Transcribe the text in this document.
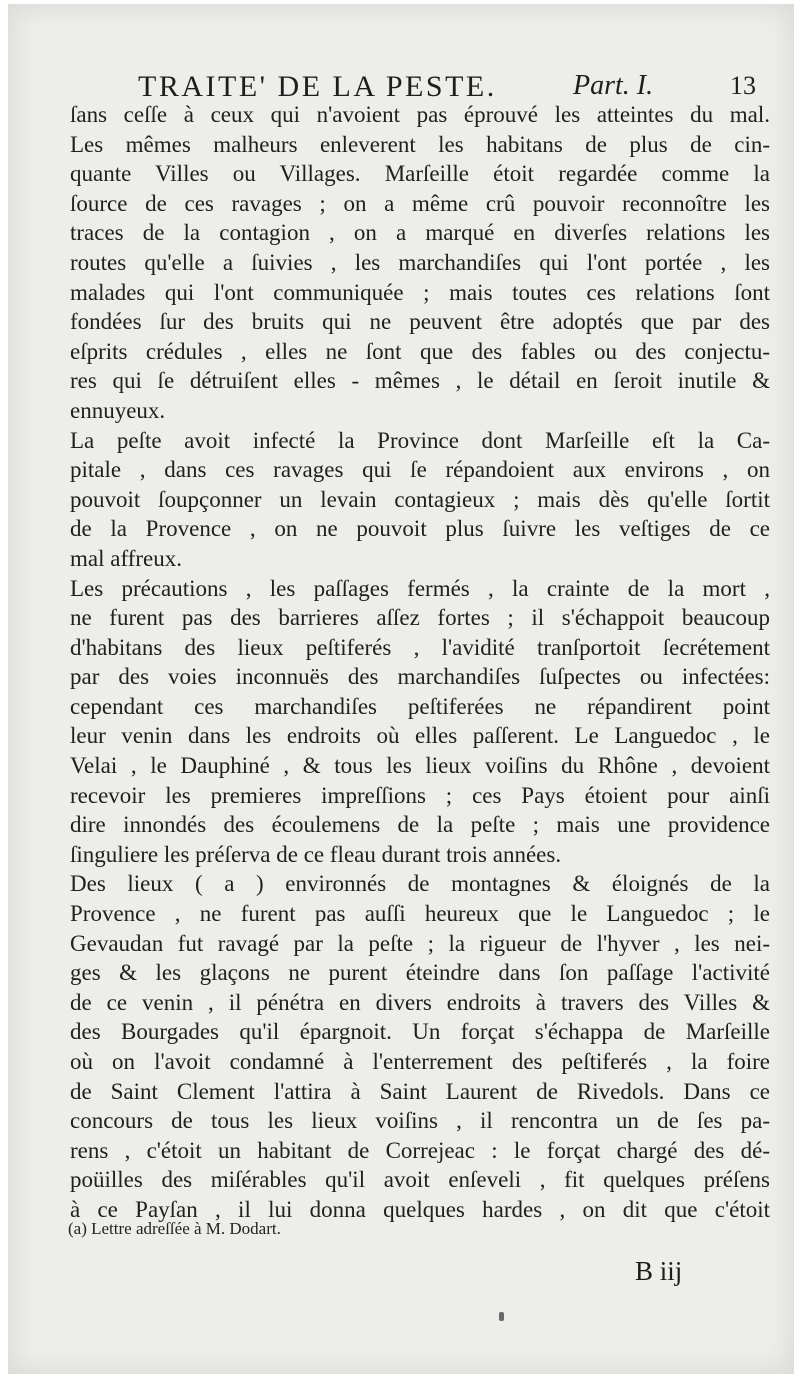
TRAITE' DE LA PESTE.	Part. I.	13
ſans ceſſe à ceux qui n'avoient pas éprouvé les atteintes du mal.
Les mêmes malheurs enleverent les habitans de plus de cin-
quante Villes ou Villages. Marſeille étoit regardée comme la
ſource de ces ravages ; on a même crû pouvoir reconnoître les
traces de la contagion , on a marqué en diverſes relations les
routes qu'elle a ſuivies , les marchandiſes qui l'ont portée , les
malades qui l'ont communiquée ; mais toutes ces relations ſont
fondées ſur des bruits qui ne peuvent être adoptés que par des
eſprits crédules , elles ne ſont que des fables ou des conjectu-
res qui ſe détruiſent elles - mêmes , le détail en ſeroit inutile &
ennuyeux.
La peſte avoit infecté la Province dont Marſeille eſt la Ca-
pitale , dans ces ravages qui ſe répandoient aux environs , on
pouvoit ſoupçonner un levain contagieux ; mais dès qu'elle ſortit
de la Provence , on ne pouvoit plus ſuivre les veſtiges de ce
mal affreux.
Les précautions , les paſſages fermés , la crainte de la mort ,
ne furent pas des barrieres aſſez fortes ; il s'échappoit beaucoup
d'habitans des lieux peſtiferés , l'avidité tranſportoit ſecrétement
par des voies inconnuës des marchandiſes ſuſpectes ou infectées:
cependant ces marchandiſes peſtiferées ne répandirent point
leur venin dans les endroits où elles paſſerent. Le Languedoc , le
Velai , le Dauphiné , & tous les lieux voiſins du Rhône , devoient
recevoir les premieres impreſſions ; ces Pays étoient pour ainſi
dire innondés des écoulemens de la peſte ; mais une providence
ſinguliere les préſerva de ce fleau durant trois années.
Des lieux ( a ) environnés de montagnes & éloignés de la
Provence , ne furent pas auſſi heureux que le Languedoc ; le
Gevaudan fut ravagé par la peſte ; la rigueur de l'hyver , les nei-
ges & les glaçons ne purent éteindre dans ſon paſſage l'activité
de ce venin , il pénétra en divers endroits à travers des Villes &
des Bourgades qu'il épargnoit. Un forçat s'échappa de Marſeille
où on l'avoit condamné à l'enterrement des peſtiferés , la foire
de Saint Clement l'attira à Saint Laurent de Rivedols. Dans ce
concours de tous les lieux voiſins , il rencontra un de ſes pa-
rens , c'étoit un habitant de Correjeac : le forçat chargé des dé-
poüilles des miſérables qu'il avoit enſeveli , fit quelques préſens
à ce Payſan , il lui donna quelques hardes , on dit que c'étoit
(a) Lettre adreſſée à M. Dodart.
B iij
